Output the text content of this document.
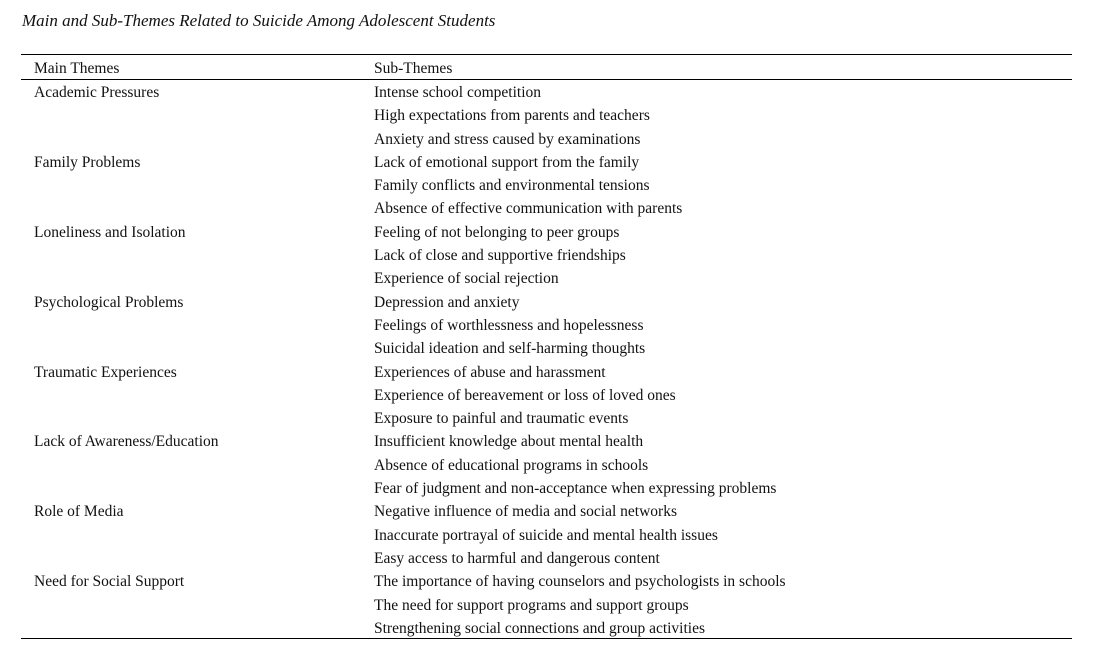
Main and Sub-Themes Related to Suicide Among Adolescent Students
Main Themes	Sub-Themes
Academic Pressures	Intense school competition
High expectations from parents and teachers
Anxiety and stress caused by examinations
Family Problems	Lack of emotional support from the family
Family conflicts and environmental tensions
Absence of effective communication with parents
Loneliness and Isolation	Feeling of not belonging to peer groups
Lack of close and supportive friendships
Experience of social rejection
Psychological Problems	Depression and anxiety
Feelings of worthlessness and hopelessness
Suicidal ideation and self-harming thoughts
Traumatic Experiences	Experiences of abuse and harassment
Experience of bereavement or loss of loved ones
Exposure to painful and traumatic events
Lack of Awareness/Education	Insufficient knowledge about mental health
Absence of educational programs in schools
Fear of judgment and non-acceptance when expressing problems
Role of Media	Negative influence of media and social networks
Inaccurate portrayal of suicide and mental health issues
Easy access to harmful and dangerous content
Need for Social Support	The importance of having counselors and psychologists in schools
The need for support programs and support groups
Strengthening social connections and group activities
